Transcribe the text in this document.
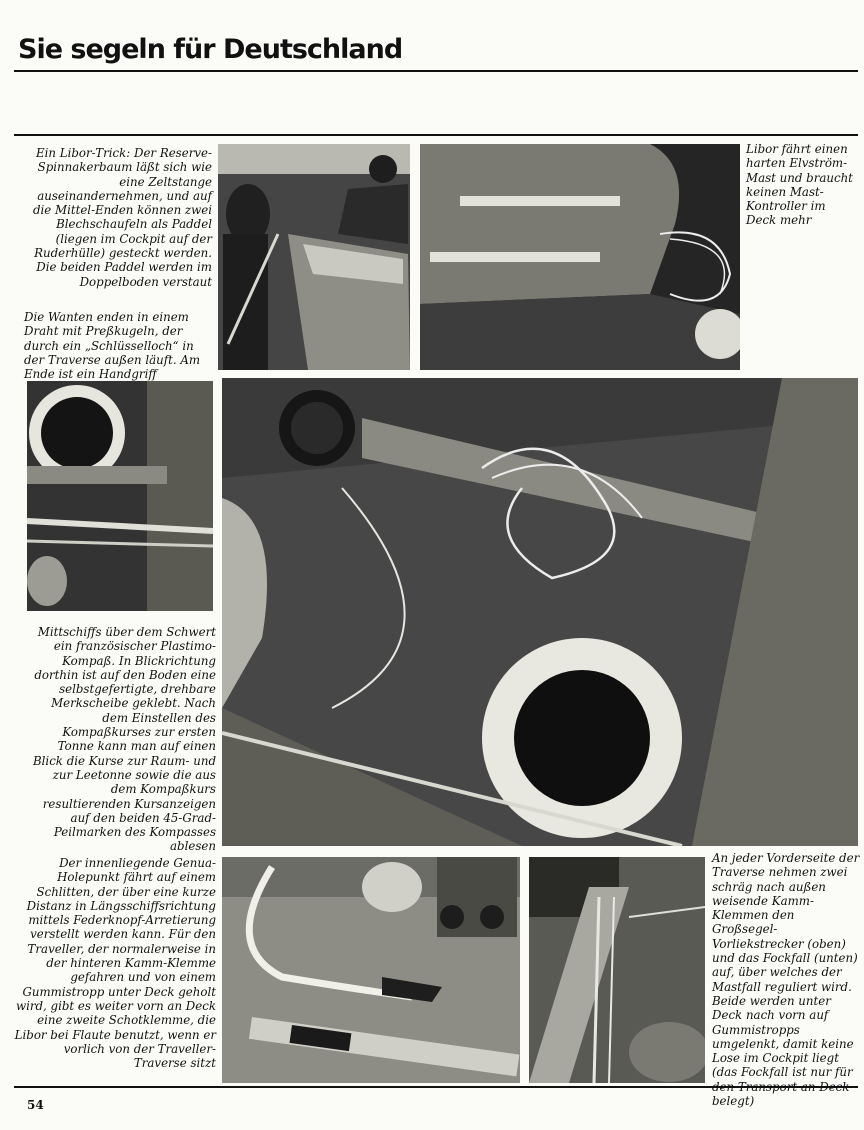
Sie segeln für Deutschland
Ein Libor-Trick: Der Reserve-Spinnakerbaum läßt sich wie eine Zeltstange auseinandernehmen, und auf die Mittel-Enden können zwei Blechschaufeln als Paddel (liegen im Cockpit auf der Ruderhülle) gesteckt werden. Die beiden Paddel werden im Doppelboden verstaut
Die Wanten enden in einem Draht mit Preßkugeln, der durch ein „Schlüsselloch“ in der Traverse außen läuft. Am Ende ist ein Handgriff
Libor fährt einen harten Elvström-Mast und braucht keinen Mast-Kontroller im Deck mehr
Mittschiffs über dem Schwert ein französischer Plastimo-Kompaß. In Blickrichtung dorthin ist auf den Boden eine selbstgefertigte, drehbare Merkscheibe geklebt. Nach dem Einstellen des Kompaßkurses zur ersten Tonne kann man auf einen Blick die Kurse zur Raum- und zur Leetonne sowie die aus dem Kompaßkurs resultierenden Kursanzeigen auf den beiden 45-Grad-Peilmarken des Kompasses ablesen
Der innenliegende Genua-Holepunkt fährt auf einem Schlitten, der über eine kurze Distanz in Längsschiffsrichtung mittels Federknopf-Arretierung verstellt werden kann. Für den Traveller, der normalerweise in der hinteren Kamm-Klemme gefahren und von einem Gummistropp unter Deck geholt wird, gibt es weiter vorn an Deck eine zweite Schotklemme, die Libor bei Flaute benutzt, wenn er vorlich von der Traveller-Traverse sitzt
An jeder Vorderseite der Traverse nehmen zwei schräg nach außen weisende Kamm-Klemmen den Großsegel-Vorliekstrecker (oben) und das Fockfall (unten) auf, über welches der Mastfall reguliert wird. Beide werden unter Deck nach vorn auf Gummistropps umgelenkt, damit keine Lose im Cockpit liegt (das Fockfall ist nur für den Transport an Deck belegt)
54
